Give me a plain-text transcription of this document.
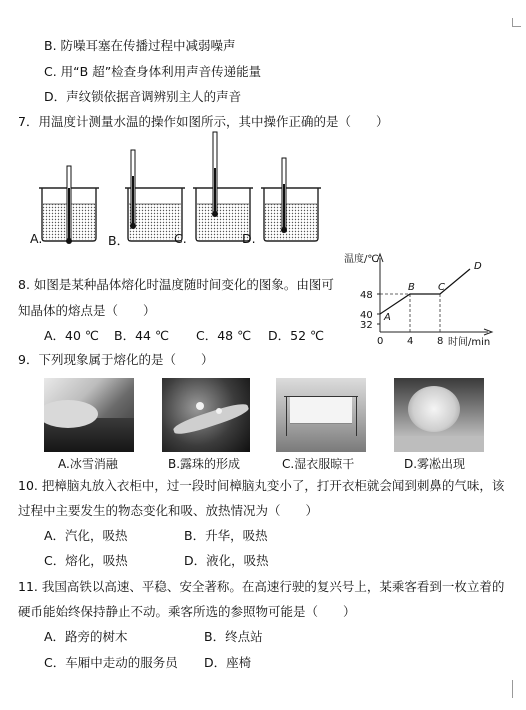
B. 防噪耳塞在传播过程中减弱噪声
C. 用“B 超”检查身体利用声音传递能量
D．声纹锁依据音调辨别主人的声音
7．用温度计测量水温的操作如图所示，其中操作正确的是（　　）
A.	B．	C.	D.
8. 如图是某种晶体熔化时温度随时间变化的图象。由图可
知晶体的熔点是（　　）
A．40 ℃ B．44 ℃ C．48 ℃ D．52 ℃
温度/℃
时间/min
32
40
48
0 4 8
A
B C
D
9．下列现象属于熔化的是（　　）
A.冰雪消融	B.露珠的形成	C.湿衣服晾干	D.雾凇出现
10. 把樟脑丸放入衣柜中，过一段时间樟脑丸变小了，打开衣柜就会闻到刺鼻的气味，该
过程中主要发生的物态变化和吸、放热情况为（　　）
A．汽化，吸热	B．升华，吸热
C．熔化，吸热	D．液化，吸热
11. 我国高铁以高速、平稳、安全著称。在高速行驶的复兴号上，某乘客看到一枚立着的
硬币能始终保持静止不动。乘客所选的参照物可能是（　　）
A．路旁的树木	B．终点站
C．车厢中走动的服务员 D．座椅
